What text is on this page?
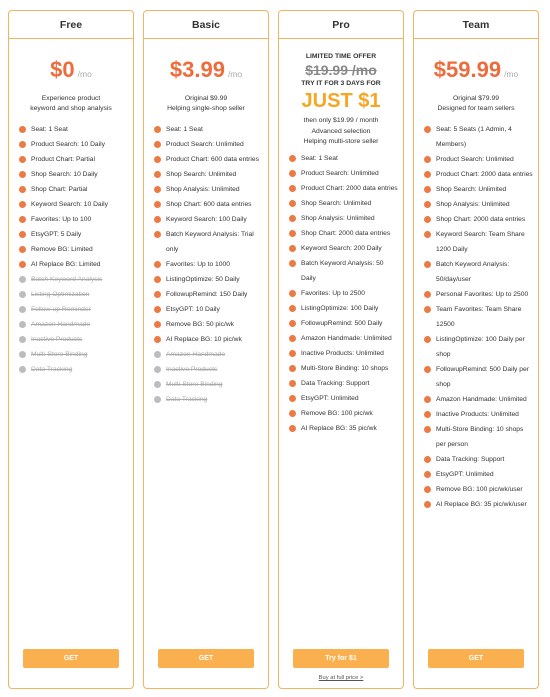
Free
$0 /mo
Experience product
keyword and shop analysis
Seat: 1 Seat
Product Search: 10 Daily
Product Chart: Partial
Shop Search: 10 Daily
Shop Chart: Partial
Keyword Search: 10 Daily
Favorites: Up to 100
EtsyGPT: 5 Daily
Remove BG: Limited
AI Replace BG: Limited
Batch Keyword Analysis
Listing Optimization
Follow-up Reminder
Amazon Handmade
Inactive Products
Multi-Store Binding
Data Tracking
GET
Basic
$3.99 /mo
Original $9.99
Helping single-shop seller
Seat: 1 Seat
Product Search: Unlimited
Product Chart: 600 data entries
Shop Search: Unlimited
Shop Analysis: Unlimited
Shop Chart: 600 data entries
Keyword Search: 100 Daily
Batch Keyword Analysis: Trial only
Favorites: Up to 1000
ListingOptimize: 50 Daily
FollowupRemind: 150 Daily
EtsyGPT: 10 Daily
Remove BG: 50 pic/wk
AI Replace BG: 10 pic/wk
Amazon Handmade
Inactive Products
Multi-Store Binding
Data Tracking
GET
Pro
LIMITED TIME OFFER
$19.99 /mo
TRY IT FOR 3 DAYS FOR
JUST $1
then only $19.99 / month
Advanced selection
Helping multi-store seller
Seat: 1 Seat
Product Search: Unlimited
Product Chart: 2000 data entries
Shop Search: Unlimited
Shop Analysis: Unlimited
Shop Chart: 2000 data entries
Keyword Search: 200 Daily
Batch Keyword Analysis: 50 Daily
Favorites: Up to 2500
ListingOptimize: 100 Daily
FollowupRemind: 500 Daily
Amazon Handmade: Unlimited
Inactive Products: Unlimited
Multi-Store Binding: 10 shops
Data Tracking: Support
EtsyGPT: Unlimited
Remove BG: 100 pic/wk
AI Replace BG: 35 pic/wk
Try for $1
Buy at full price >
Team
$59.99 /mo
Original $79.99
Designed for team sellers
Seat: 5 Seats (1 Admin, 4 Members)
Product Search: Unlimited
Product Chart: 2000 data entries
Shop Search: Unlimited
Shop Analysis: Unlimited
Shop Chart: 2000 data entries
Keyword Search: Team Share 1200 Daily
Batch Keyword Analysis: 50/day/user
Personal Favorites: Up to 2500
Team Favorites: Team Share 12500
ListingOptimize: 100 Daily per shop
FollowupRemind: 500 Daily per shop
Amazon Handmade: Unlimited
Inactive Products: Unlimited
Multi-Store Binding: 10 shops per person
Data Tracking: Support
EtsyGPT: Unlimited
Remove BG: 100 pic/wk/user
AI Replace BG: 35 pic/wk/user
GET
